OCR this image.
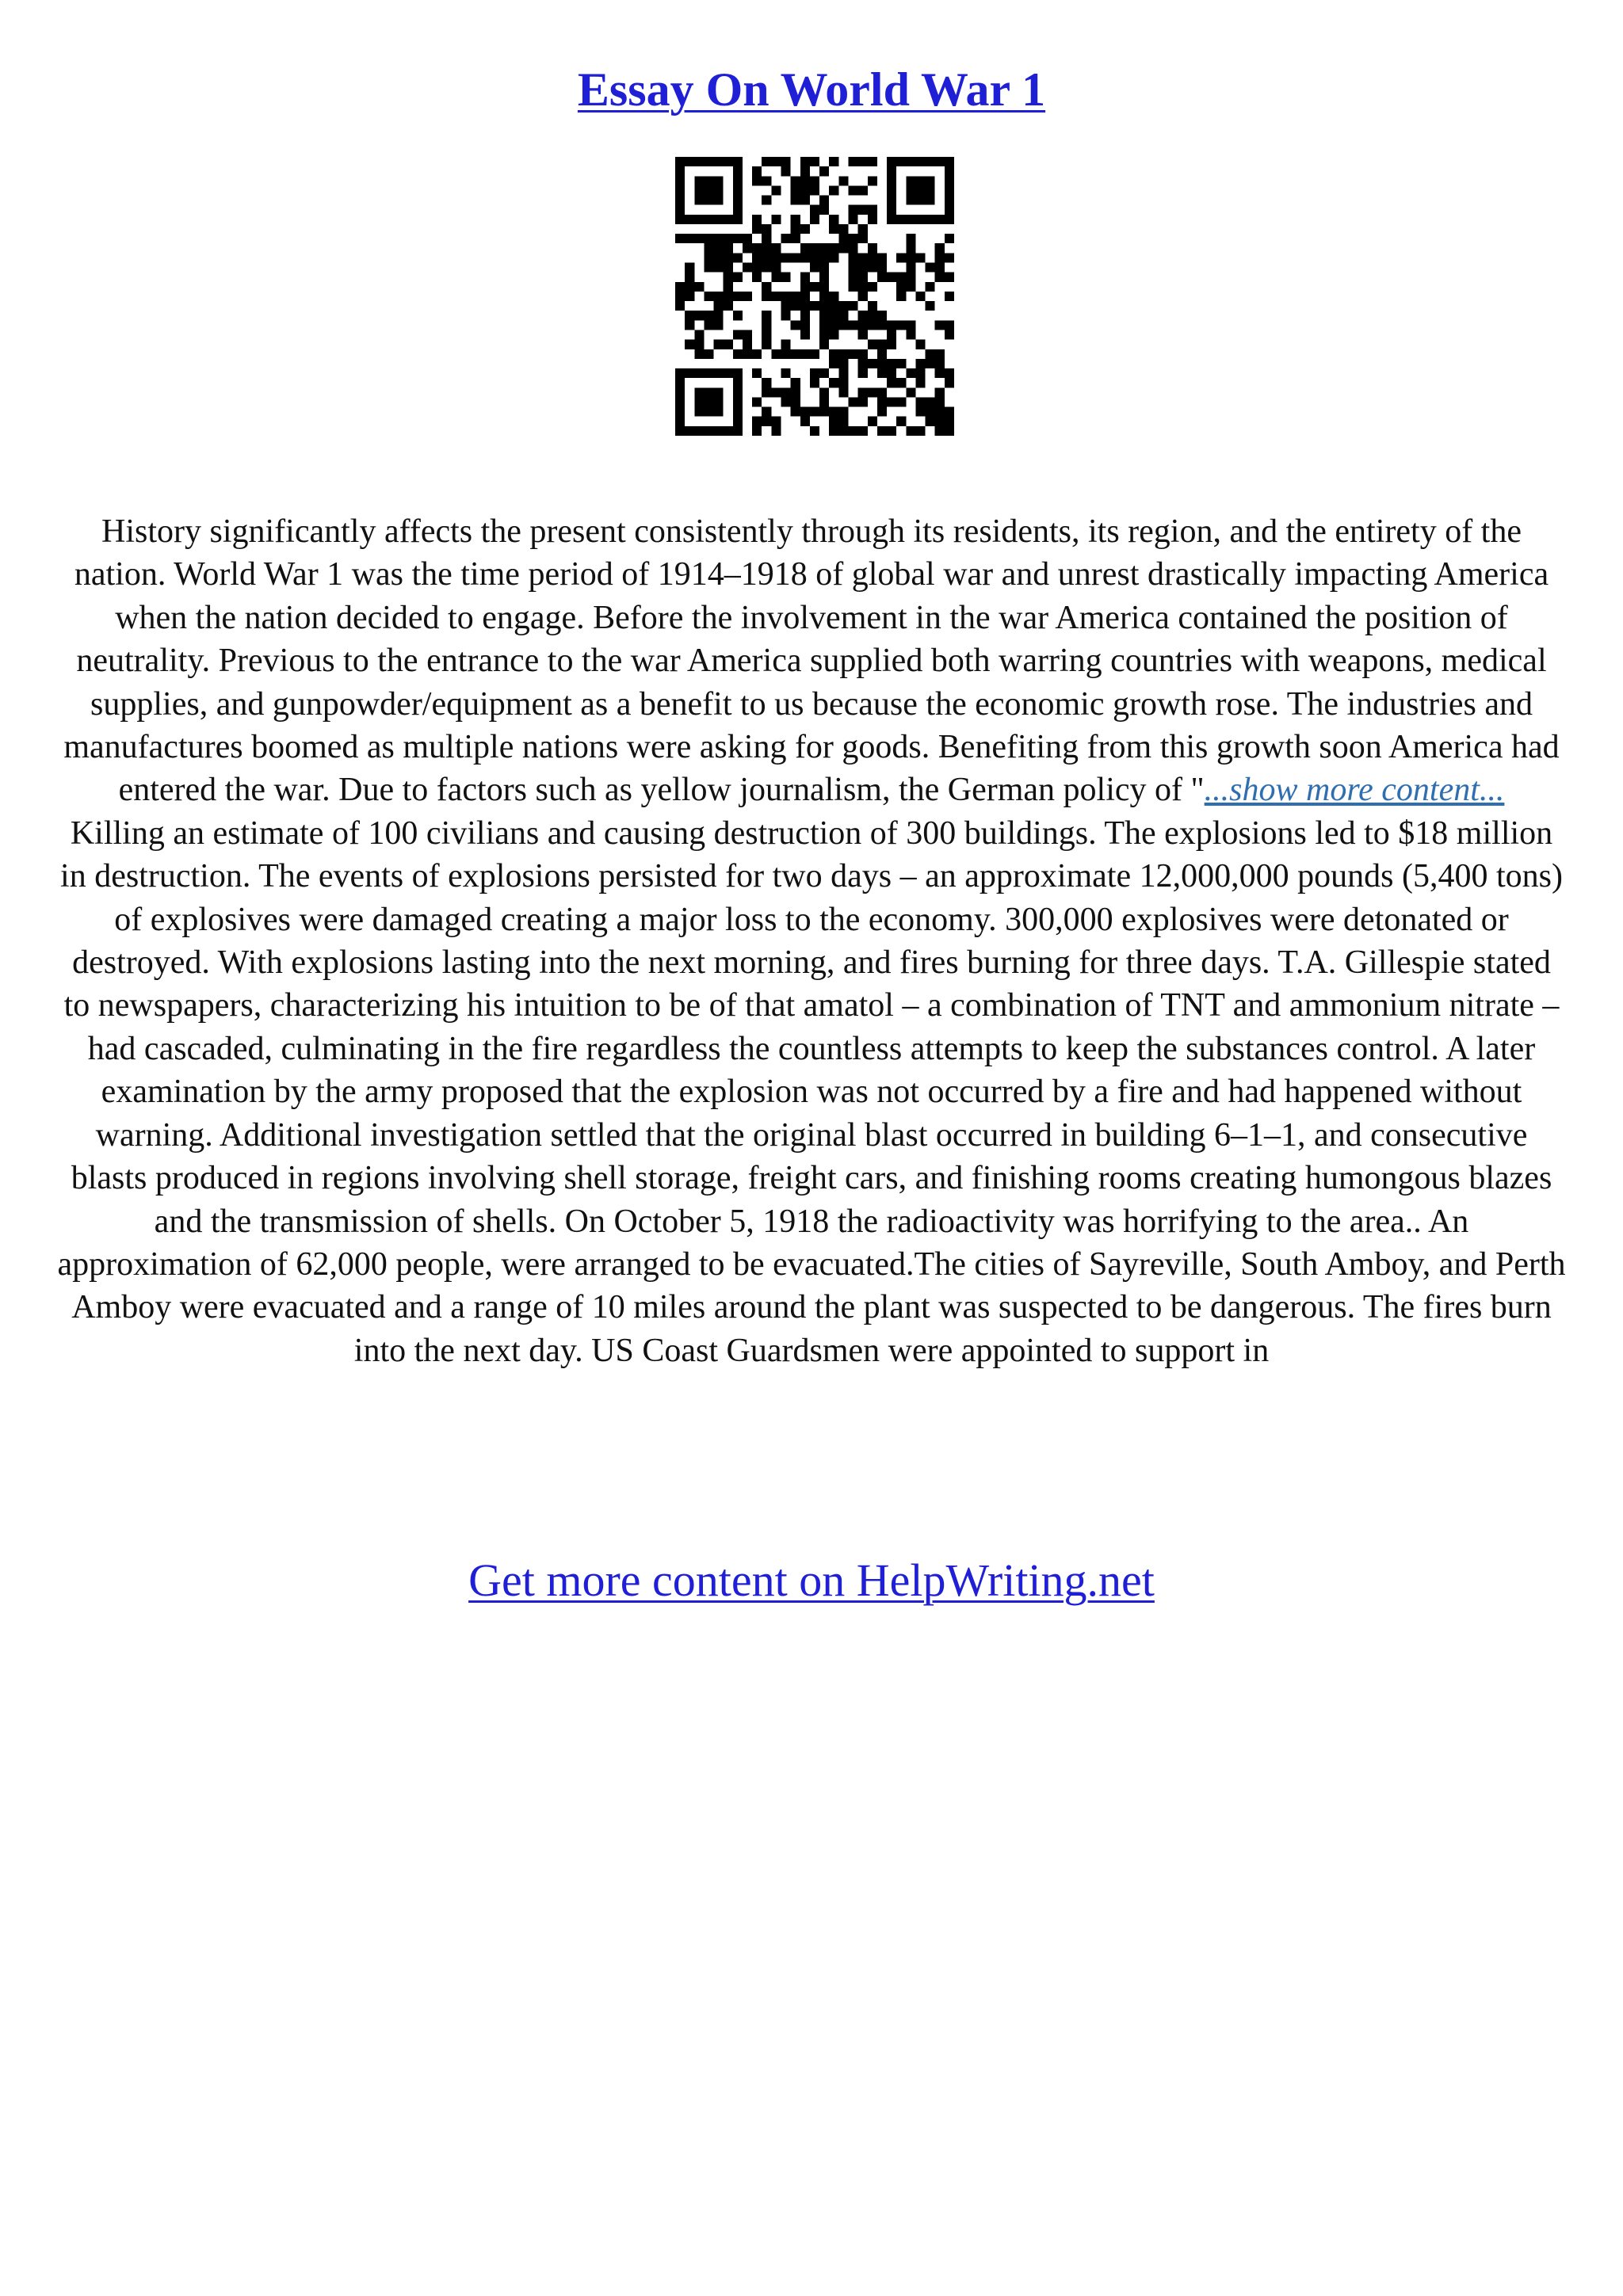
Essay On World War 1

History significantly affects the present consistently through its residents, its region, and the entirety of the nation. World War 1 was the time period of 1914–1918 of global war and unrest drastically impacting America when the nation decided to engage. Before the involvement in the war America contained the position of neutrality. Previous to the entrance to the war America supplied both warring countries with weapons, medical supplies, and gunpowder/equipment as a benefit to us because the economic growth rose. The industries and manufactures boomed as multiple nations were asking for goods. Benefiting from this growth soon America had entered the war. Due to factors such as yellow journalism, the German policy of "...show more content...

Killing an estimate of 100 civilians and causing destruction of 300 buildings. The explosions led to $18 million in destruction. The events of explosions persisted for two days – an approximate 12,000,000 pounds (5,400 tons) of explosives were damaged creating a major loss to the economy. 300,000 explosives were detonated or destroyed. With explosions lasting into the next morning, and fires burning for three days. T.A. Gillespie stated to newspapers, characterizing his intuition to be of that amatol – a combination of TNT and ammonium nitrate – had cascaded, culminating in the fire regardless the countless attempts to keep the substances control. A later examination by the army proposed that the explosion was not occurred by a fire and had happened without warning. Additional investigation settled that the original blast occurred in building 6–1–1, and consecutive blasts produced in regions involving shell storage, freight cars, and finishing rooms creating humongous blazes and the transmission of shells. On October 5, 1918 the radioactivity was horrifying to the area.. An approximation of 62,000 people, were arranged to be evacuated.The cities of Sayreville, South Amboy, and Perth Amboy were evacuated and a range of 10 miles around the plant was suspected to be dangerous. The fires burn into the next day. US Coast Guardsmen were appointed to support in

Get more content on HelpWriting.net
